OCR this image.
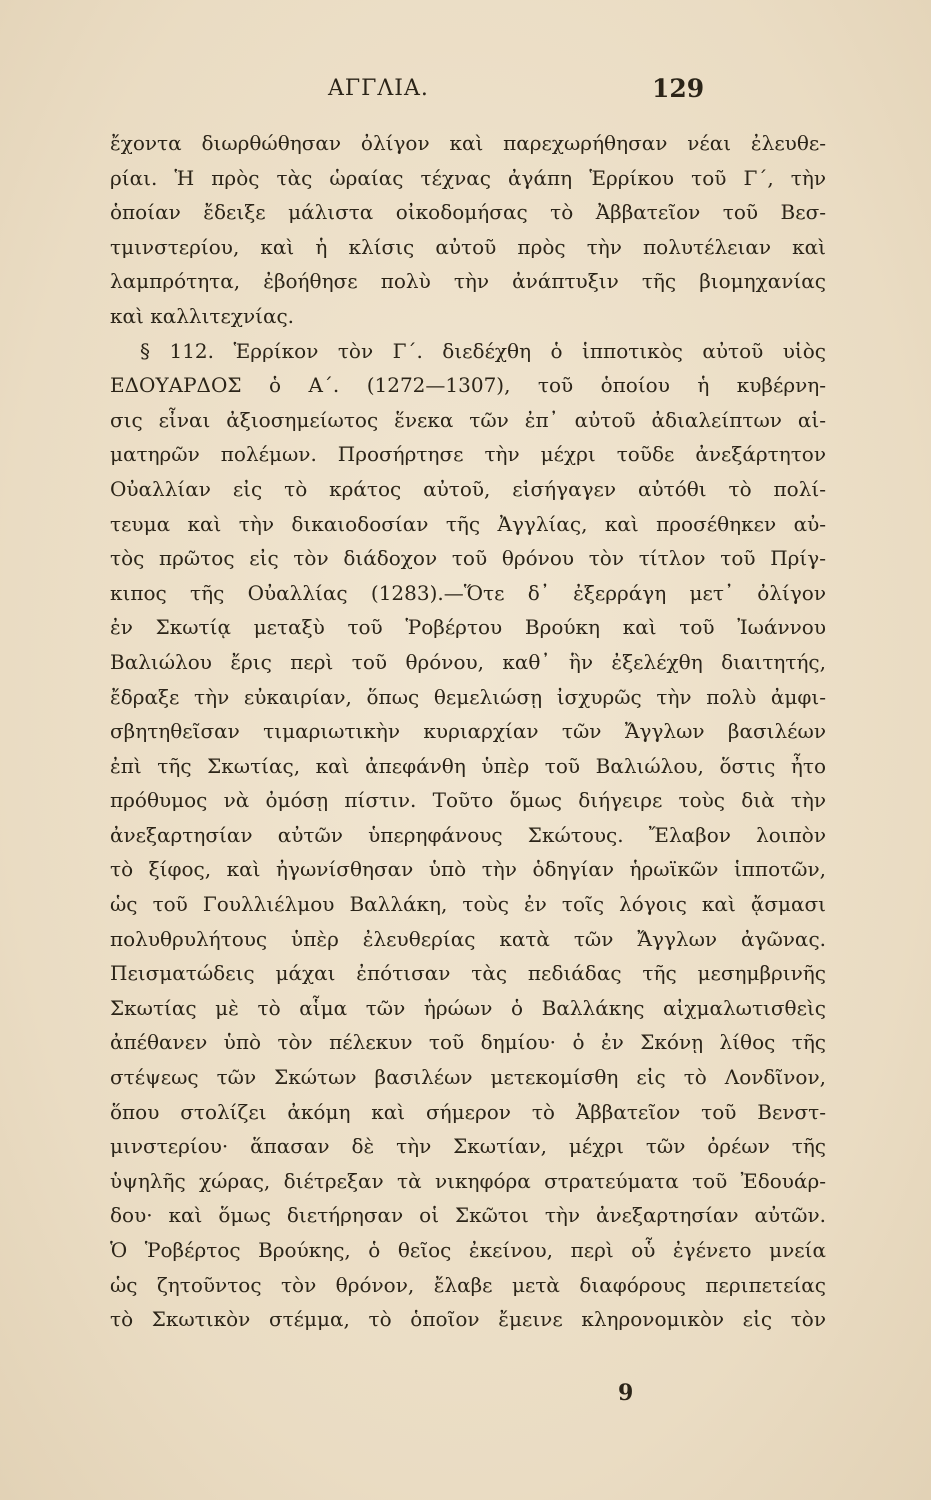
ΑΓΓΛΙΑ.	129
ἔχοντα διωρθώθησαν ὀλίγον καὶ παρεχωρήθησαν νέαι ἐλευθε-
ρίαι. Ἡ πρὸς τὰς ὡραίας τέχνας ἀγάπη Ἑρρίκου τοῦ Γ΄, τὴν
ὁποίαν ἔδειξε μάλιστα οἰκοδομήσας τὸ Ἀββατεῖον τοῦ Βεσ-
τμινστερίου, καὶ ἡ κλίσις αὐτοῦ πρὸς τὴν πολυτέλειαν καὶ
λαμπρότητα, ἐβοήθησε πολὺ τὴν ἀνάπτυξιν τῆς βιομηχανίας
καὶ καλλιτεχνίας.
§ 112. Ἑρρίκον τὸν Γ΄. διεδέχθη ὁ ἱπποτικὸς αὐτοῦ υἱὸς
ΕΔΟΥΑΡΔΟΣ ὁ Α΄. (1272—1307), τοῦ ὁποίου ἡ κυβέρνη-
σις εἶναι ἀξιοσημείωτος ἕνεκα τῶν ἐπ᾽ αὐτοῦ ἀδιαλείπτων αἱ-
ματηρῶν πολέμων. Προσήρτησε τὴν μέχρι τοῦδε ἀνεξάρτητον
Οὐαλλίαν εἰς τὸ κράτος αὐτοῦ, εἰσήγαγεν αὐτόθι τὸ πολί-
τευμα καὶ τὴν δικαιοδοσίαν τῆς Ἀγγλίας, καὶ προσέθηκεν αὐ-
τὸς πρῶτος εἰς τὸν διάδοχον τοῦ θρόνου τὸν τίτλον τοῦ Πρίγ-
κιπος τῆς Οὐαλλίας (1283).—Ὅτε δ᾽ ἐξερράγη μετ᾽ ὀλίγον
ἐν Σκωτίᾳ μεταξὺ τοῦ Ῥοβέρτου Βρούκη καὶ τοῦ Ἰωάννου
Βαλιώλου ἔρις περὶ τοῦ θρόνου, καθ᾽ ἣν ἐξελέχθη διαιτητής,
ἔδραξε τὴν εὐκαιρίαν, ὅπως θεμελιώσῃ ἰσχυρῶς τὴν πολὺ ἀμφι-
σβητηθεῖσαν τιμαριωτικὴν κυριαρχίαν τῶν Ἄγγλων βασιλέων
ἐπὶ τῆς Σκωτίας, καὶ ἀπεφάνθη ὑπὲρ τοῦ Βαλιώλου, ὅστις ἦτο
πρόθυμος νὰ ὀμόσῃ πίστιν. Τοῦτο ὅμως διήγειρε τοὺς διὰ τὴν
ἀνεξαρτησίαν αὐτῶν ὑπερηφάνους Σκώτους. Ἔλαβον λοιπὸν
τὸ ξίφος, καὶ ἠγωνίσθησαν ὑπὸ τὴν ὁδηγίαν ἡρωϊκῶν ἱπποτῶν,
ὡς τοῦ Γουλλιέλμου Βαλλάκη, τοὺς ἐν τοῖς λόγοις καὶ ᾄσμασι
πολυθρυλήτους ὑπὲρ ἐλευθερίας κατὰ τῶν Ἄγγλων ἀγῶνας.
Πεισματώδεις μάχαι ἐπότισαν τὰς πεδιάδας τῆς μεσημβρινῆς
Σκωτίας μὲ τὸ αἷμα τῶν ἡρώων ὁ Βαλλάκης αἰχμαλωτισθεὶς
ἀπέθανεν ὑπὸ τὸν πέλεκυν τοῦ δημίου· ὁ ἐν Σκόνῃ λίθος τῆς
στέψεως τῶν Σκώτων βασιλέων μετεκομίσθη εἰς τὸ Λονδῖνον,
ὅπου στολίζει ἀκόμη καὶ σήμερον τὸ Ἀββατεῖον τοῦ Βενστ-
μινστερίου· ἅπασαν δὲ τὴν Σκωτίαν, μέχρι τῶν ὀρέων τῆς
ὑψηλῆς χώρας, διέτρεξαν τὰ νικηφόρα στρατεύματα τοῦ Ἐδουάρ-
δου· καὶ ὅμως διετήρησαν οἱ Σκῶτοι τὴν ἀνεξαρτησίαν αὐτῶν.
Ὁ Ῥοβέρτος Βρούκης, ὁ θεῖος ἐκείνου, περὶ οὗ ἐγένετο μνεία
ὡς ζητοῦντος τὸν θρόνον, ἔλαβε μετὰ διαφόρους περιπετείας
τὸ Σκωτικὸν στέμμα, τὸ ὁποῖον ἔμεινε κληρονομικὸν εἰς τὸν
9
